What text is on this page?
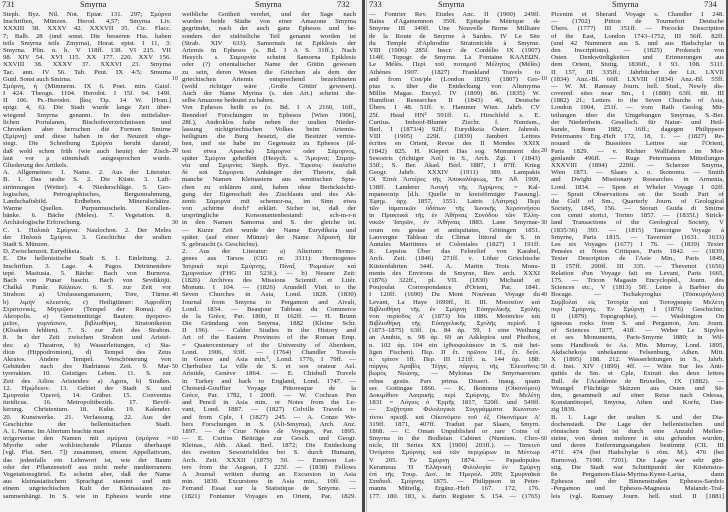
731	Smyrna	Smyrna	732 733	Smyrna	Smyrna	734
Steph. Byz. Nil. Not. Epiar. 131. 297; Σμύρνα
Inschriften, Münzen. Herod. 4,57; Smyrna Liv.
XXXIII 38. XXXV 42. XXXVII 35. Cic. Flacc.
7; Balb. 28 (und sonst. Die besseren Hss. haben
teils Smyrna teils Zmyrna), Horat. epist. I 11, 3:
Smyrna. Plin. n. h. V 118ff. 138. VI 215. VII
98. XIV 54. XVI 115. XX 177. 220. XXV 156.
XXVIII 38. XXXV 37. XXXVI 23. Smyrna
Tac. ann. IV 56. Tab. Peut. IX 4/5; Smurna
Guid. Sonst auch Smirna.
Σμύρνη, ἡ (Mimnerm. IX 6. Poet. min. Gaisf.
I 424. Theogn. 1104. Herodot. I 15f. 94. 149f.
II 106. Ps.-Herodot. βίος Ὁμ. 14 W. [Hom.]
epigr. 4, 6). Die Stadt wurde lange Zeit über-
wiegend Smyrna genannt. In den mittelalter-
lichen Portulanen, Bischofsverzeichnissen und
Chroniken aber herrschen die Formen Smirne
(Σμίρνη) und diese haben in der Neuzeit obge-
siegt. Die Schreibung Σμύρνα beruht darauf,
daß wohl schon früh (wie auch heute) der Zisch-
laut vor μ stimmhaft ausgesprochen wurde.
Gliederung des Artikels.
A. Allgemeines: 1. Name. 2. Aus der Literatur.
B. 1. Das uralte S. 2. Die Küste. 3. Luft-
strömungen (Wetter). 4. Niederschläge. 5. Geo-
logisches, Petrographisches, Bergumrahmung,
Landschaftsbild. Erdbeben. Mineralschätze.
Warme Quellen. Purpurmuscheln. Korallen-
bänke. 6. Bäche (Meles). 7. Vegetation. 8.
Archäologische Erforschung.
C. 1. Παλαιὰ Σμύρνα. Naulochon. 2. Der Meles
der Παλαιὰ Σμύρνα. 3. Geschichte der uralten
Stadt S. Münzen.
D. Zwischenzeit. Eurydikeia.
E. Die hellenistische Stadt S. 1. Einleitung. 2.
Inschriften. 3. Lage. 4. Pagos. Detrimendere
tepé. Mastusia. 5. Bäche: Bach von Burnova.
Bach von Punar baschi. Bach von Sevdiköjü.
Chalkâ Punâr. Κάλαων. 6. S. zur Zeit vor
Strabon: a) Umfassungsmauern, Tore, Türme.
b) λιμὴν κλειστός. c) Heiligtümer: Ἀφροδίτη
Στρατονικίς, Μητρῷον (Tempel der Roma). d)
Akropolis. e) Gemeinnützige Bauten: ἀγορανο-
μεῖον, γυμνάσιον, βιβλιοθήκη, Stratonikeion
(Kloaken fehlten). 7. S. zur Zeit des Strabon.
8. In der Zeit zwischen Strabon und Aristei-
des: a) Theatron, b) Wasserleitungen, c) Sta-
dion (Hippodromion), d) Tempel des Zeus
Akraios. Andere Tempel. Verschönerung von
Gebäuden nach des Hadrianus Zeit. 9. Mar-
tyrerakten. 10. Geistiges Leben. 11. S. zur
Zeit des Ailios Aristeides: a) Agora, b) Straßen.
12. Ἡρῴδειον. 13. Gebiet der Stadt S. und
Σμυρναία Ὀρεινή. 14. Gräber. 15. Conventus
iuridicus. 16. Metropolitbezirk. 17. Bevöl-
kerung. Christentum. 18. Kulte. 19. Kalender.
20. Kunstwerke. 21. Verfassung. 22. Aus der
Geschichte der hellenistischen Stadt.
A. 1. Name. Im Altertum brachte man
irrigerweise den Namen mit σμύρνα (σμύρνα =
Myrrhe oder wohlriechende Pflanze überhaupt
[vgl. Plut. Sert. 7]) zusammen, einem Appellativum,
das jedenfalls ein Lehnwort ist, wie der Baum
oder der Pflanzenstoff aus nicht mehr mediterranem
Vegetationsgürtel. Es scheint aber, daß der Name
aus kleinasiatischem Sprachgut stammt und mit
einem ungriechischen Kult der Kleinasiaten zu-
sammenhängt. In S. wie in Ephesos wurde eine
weibliche Gottheit verehrt, und der Sage nach
wurden beide Städte von einer Amazone Smyrna
gegründet, nach der auch ganz Ephesos und be-
sonders der südöstliche Teil genannt worden ist
(Strab. XIV 633). Samornaïs ist Epiklesis der
Artemis in Ephesos (s. Bd. I A S. 31ff.). Nach
Hesych. s. Σαμορνία scheint Samorna Epiklesis
oder (?) orientalischer Name der Göttin gewesen
zu sein, deren Wesen die Griechen als dem der
griechischen Artemis entsprechend bezeichneten
(wohl richtiger wäre ‚Große Göttin' gewesen).
Auch der Name Myrina (s. den Art.) scheint die-
selbe Amazone bedeutet zu haben.
Von Ephesos heißt es (o. Bd. I A 2160, 16ff.,
Benndorf Forschungen in Ephesos [Wien 1906],
28f.), Androklos habe neben der uralten Nieder-
lassung nichtgriechischen Volkes beim Artemis-
heiligtum die Burg besetzt, die Besitzer vertrie-
ben, und sie habe im Gegensatz zu Ephesos (äl-
test etwa Apascha) Σάμορνα oder Σάμορνος,
später Σμύρνα geheißen (Hesych. s. Ἄμορνα; Σαμορ-
νία und Σμυρνία; Steph. Byz. Ἔφεσος· ἐκαλεῖτο
δὲ καὶ Σάμορνα. Anhänger der Theorie, daß
manche Namen Kleinasiens aus semitischen Spra-
chen zu erklären sind, haben ohne Berücksichti-
gung der Eigenschaft des Zischlauts und des Ak-
zents Σάμορνα mit schemor-na, im Sinn etwa
von ‚schirme doch!' erklärt. Sicher ist, daß der
ursprüngliche Konsonantenbestand: sch-m-r-n
in den Namen Samorna und S. der gleiche ist.
— Kurze Zeit wurde der Name Eurydikeia und
später (auf einer Münze) der Name Ἀδριανή für
S. gebraucht (s. Geschichte).
2. Aus der Literatur: a) Altertum: Hermo-
genes aus Tarsos (CIG nr. 3311): Hermogenes
Ἱατρικά περὶ Σμύρνης, Πίναξ Ῥωμαίων καὶ
Σμυρναίων (FHG III 523f.). — b) Neuere Zeit:
(1826) Archives des Missions Scientif. et Litér.
Monum. I 104. — (1826) Arundell Visit to the
Seven Churches in Asia, Lond. 1828. (1830)
Journal from Smyrna to Pergamon and Aivali,
Lond. 1834. — Beaujour Tableau du Commerce
de la Grèce, Par. 1800, II 162ff. — H. Brunn
Die Gründung von Smyrna, 1882 (Kleine Schr.
II 196). — Calder Studies in the History and
Art of the Eastern Provinces of the Roman Emp.
= Quatercentenary of the University of Aberdeen,
Lond. 1906, 93ff. — (1764) Chandler Travels
in Greece and Asia min.², Lond. 1776, I 79ff. —
Cherbuliez La ville de S. et son orateur Ael.
Aristide, Genève 1864. — E. Chishull Travels
in Turkey and back to England, Lond. 1747. —
Choiseul-Gouffier Voyage Pittoresque de la
Grèce, Par. 1782, I 200ff. — W. Cochran Pen
and Pencil in Asia min. or Notes from the Le-
vant, Lond. 1887. — (1827) Colville Travels to
and from Cple, I (1827) 245. — A. Conze We-
bers Forschungen in S. (Alt-Smyrna), Arch. Anz.
1897. — de Crue Notes de Voyages, Par. 1895.
— E. Curtius Beiträge zur Gesch. und Geogr.
Kleinas., Abh. Akad. Berl. 1872; Die Entdeckung
des zweiten Sesostrisbildes bei S. durch Humann,
Arch. Zeit. XXXII (1875) 50. — Emerson Let-
ters from the Aegean, I 225f. — (1838) Fellows
A Journal written during an Excursion in Asia
min. 1839. Excursions in Asia min., 10ff. —
Ferrand Essai sur la Statistique de Smyrne. —
(1821) Fontanier Voyages en Orient, Par. 1829.
10
20
30
40
50
60
— Fontrier Rev. Etudes Anc. II (1900) 249ff.
Bains d'Agamemnon 350f. Epitaphe Métrique de
Smyrne III 349ff. Une Nouvelle Borne Milliaire
de la Route de Smyrne à Sardes. IV Le Site
du Temple d'Aphrodite Stratonicide à Smyrne.
VIII (1906) 285f. Inscr. de Cordélio IX (1907)
114ff. Topogr. de Smyrne. La Fontaine ΚΑΛΕΩΝ.
Le Mélès. Περὶ τοῦ ποταμοῦ Μέλητος (Mélès)
Athènes 1907. (1827) Frankland Travels to
and from Con/ple (London 1829). (1807) Gro-
pius s. über die Entdeckung von Altsmyrna
Millin Magas. Encycl. IV (1809) 86. (1835) W.
Hamilton Researches II (1843) 46, Deutsche
Übers. I 48. 51ff. v. Hammer Wien. Jahrb. CV
25f. Head HN² 591ff. G. Hirschfeld s. E.
Curtius. Imhoof-Blumer Ztschr. f. Numism.,
Berl. I (1873/4) 92ff.; Eurydikeia Österr. Jahresh.
VIII (1905) 229f. (1839) Jambert Lettres
écrites en Orient, Revue des II Mondes XXIX
(1842) 825. H. Kiepert Das sog. Monument des
Sesostris (richtiger Ἀσί) in S., Arch. Zgt. I (1843)
33ff.; S. Ber. Akad. Berl. 1887, I 87ff. Krieg
Geogr. Jahrb. XXXIV (1911) 389. Lampakis
Οἱ Ἑπτὰ Ἀστέρες τῆς Ἀποκαλύψεως, Ἐν Ἀθ. 1909,
138ff. Landerer Ἀσυγὴ τῆς Ἀγρίμνος = Kal-
mpanocnip [d.h. Quelle in kreisförmiger Fassung].
Ἐφημ. ἀρχ. 1857, 1551. Latris (Λάτρης) Περὶ
τῶν ἱαματικῶν ὑδάτων τῆς Ἰωνικῆς Χερσονήσου
in Πρακτικά τῆς ἐν Ἀθήναις Συνόδου τῶν Ἑλλη-
νικῶν Ἰατρῶν, ἐν Ἀθήναις 1883. Lane Smyrnae-
orum res gestae et antiquitates, Göttingen 1851.
Lauvergne Tableau du Climat littoral de S. in
Annales Maritimes et Coloniales (1827) I 191ff.
R. Lepsius Über das Felsrelief von Karabel,
Arch. Zeit. (1846) 271ff. v. Löher Griechische
Küstenfahrten 344f. A. Martin Trois Monu-
ments des Environs de Smyrne, Rev. arch. XXXI
(1876) 322ff., pl. VII. (1830) Michaud et
Poujoulat Correspondance d'Orient, Par. 1841.
I 120ff. (1690) Du Mont Nouveau Voyage du
Levant, La Haye 1699ff., II. III. Μουσεῖον καὶ
Βιβλιοθήκη τῆς ἐν Σμύρνῃ Εὐαγγελικῆς Σχολῆς
von περίοδος Α' (1873) bis 1886. Μουσεῖον καὶ
Βιβλιοθήκη τῆς Εὐαγγελικῆς Σχολῆς περίοδ. I
(1873–1875) 63ff. (n. 84 ἀρ. 59, 1 eine Weihung
an Anubis, n. 98 ἀρ. 69 an Asklepios und Phoibos,
n. 102 ἀρ. 104 ein ἰχθυοφυλάκιον in S. mit hei-
ligen Fischen). Περ. II ἔτ. πρῶτον 1ff., ἔτ. δεύτ.
n. τρίτον 1ff. Περ. III 121ff. n. 144 ἀρ. 188:
πύργος Ἀραβὸς Τέγγε, πύργος τῆς Ἐλευσῖνος:
βωμὸς Νεώνης. — Mylonas De Smyrnaeorum
rebus gestis. Pars prima. Dissert. inaug. quam
ser. Gottingae 1866. — K. Ikonomu (Οἰκονόμου)
Δοκιμίθιον Λατρικῆς περὶ Σμύρνης. Ἐν Μελέτῃ
1831 = Λόγιος ὁ Ἑρμῆς 1817, 520ff. und 549ff.
— Συζήτησα Φιλολογικὰ Συγγράμματα Κωνσταν-
τίνου πρεσβ. καὶ Οἰκονόμου τοῦ ἐξ Οἰκονόμων Α'
319ff. 1871, 407ff. Traduit par Slaars, Smyrn.
1868. — C. Oman Unpublished or rare Coins of
Smyrna in the Bodleian Cabinet (Numism. Chro-
nicle, III Series XX [1900] 203ff.). — Ταπεινὸ
Ὀνόματα Σμύρνης καὶ τῶν περιχώρων in Μέντωρ
V 205. Ἐν Σμύρνῃ 1874. — Papadopulos
Kerameus Ἡ Ἑλληνικὴ Φιλολογία ἐν Σμύρνῃ
ἐπὶ τῆς Τουρ. Δεσ. in Ἡμερολ. 209; Σμυρναϊκὰ
Σταδιοδ. Σμύρνης 1875. — Philippson in Peter-
manns Mitteilg., Ergänz.-Heft 167. 172, 176.
177. 180. 183, s. darin Register S. 154. — (1765)
Picenini et Sherard Voyage s. Chandler I 248.
— (1702) Pitton de Tournefort Deutsche
Übers. (1777) III 351ff. — Pococke Description
of the East, London 1743–1752, III 56ff. 82ff.
(und 42 Nummern aus S. und aus Hadschylar in
den Inscriptions). — (1825) Prokesch von
Osten Denkwürdigkeiten und Erinnerungen aus
dem Orient, Stuttg. 1836ff., I 93. 108. 511f.
II 157, III 335ff.; Jahrbücher der Lit. LXVII
(1834) Anz.-Bl. 66ff. LXVIII (1834) Anz.-Bl. 55ff.
— W. M. Ramsay Journ. hell. Stud., Newly dis-
covered sites near Sm., I (1880) 63ff. 88. III
(1882) 2f.; Letters to the Seven Churchs of Asia,
London 1904, 251f. — vom Rath Geolog. Mit-
teilungen über die Umgebungen Smyrnas, S.-Ber.
der Niederrhein. Gesellsch. für Natur- und Heil-
kunde, Bonn 1882, 16ff.; dagegen Philippson
Petermanns Erg.-Heft 172, 18, 1. — (1827) Re-
nouard de Bussières Lettres sur l'Orient,
Paris 1829. — v. Richter Wallfahrten im Mor-
genlande 496ff. — Ruge Petermanns Mitteilungen
XXXVIII (1894) 229ff. — Scherzer Smyrna,
Wien 1873. — Slaars s. o. Ikonomu. — Smith
and Dwight Missionary Researches in Armenia,
Lond. 1834. — Spon et Wheler Voyage I 02ff.
— Spratt Observations on the South Part of
the Gulf of Sm., Quarterly Journ. of Geological
Society, 1845, 156. — Storari Guida di Smirne
con cenni storici, Torino 1857. — (1835f.) Strick-
land Transactions of the Geological Society, V
(1835/36) 393. — (1815) Tancoigne Voyage à
Smyrne, Paris 1815. — Tavernier (1631. 1633)
Les six Voyages (1677) I 76. — (1839) Texier
Pensées et Notes Critiques, Paris 1842. — (1839)
Texier Description de l'Asie Min., Paris 1849,
II 157ff. 200ff. III 335. — Thevenot (1656)
Relation d'un Voyage fait en Levant, Paris 1665,
175. — Tricon Magasin Encyclopéd., Journ. des
Sciences etc., V (1813) 5ff. Lettre à Barbier du
Bocage. — Tschakyroglus (Τσακυρόγλου)
Συμβολαὶ εἰς Ἱστορία καὶ Τοπογραφίᾳ Μελέτη
περὶ Σμύρνης. Ἐν Σμύρνῃ I (1876) Geschichte;
II (1879) Topographie). — Washington On
igneous rocks from S. and Pergamon, Am. Journ.
of Sciences 1877, 41ff. — Weber Le Sipylos
et ses Monuments, Paris-Smyrne 1880; in Wil-
sons Handbook to As. Min. Murray, Lond. 1895,
Akdschekoja unbekannte Felsenburg, Athen. Mitt.
X (1895) 188. 212. Wasserleitungen in S., Jahrb.
d. Inst. XIV (1899) 4ff. — Witte Sur les Anti-
quités de Sm. et Cple, Extrait des deux lettres
Bull. de l'Académie de Bruxelles, IX (1882). —
Wrangel Flüchtige Skizzen aus Osten und Sü-
den, gesammelt auf einer Reise nach Odessa,
Konstantinopel, Smyrna, Athen und Korfu, Dan-
zig 1839.
B. 1. Lage der uralten S. und der Dia-
dochenstadt. Die Lage der hellenistischen und
römischen Stadt ist durch eine Anzahl Meilen-
steine, von denen mehrere in situ gefunden wurden,
und deren Entfernungsangaben bestimmt (CIL III
471f. 474 (bei Hadschylar 6 röm. M.). 476 (bei
Burnova). 7198f. 7201). Die Lage war sehr gün-
stig. Die Stadt war Schnittpunkt der Küstenstra-
ße Pergamon-Elaia-Myrina-Kyme-Larisa, dann
Ephesos und der Binnenstraßen Ephesos-Sardeis
-Pergamon und Ephesos-Magnesia Maiandr.-Tral-
leis (vgl. Ramsay Journ. hell. stud. II [1881]
10
20
30
40
50
60
